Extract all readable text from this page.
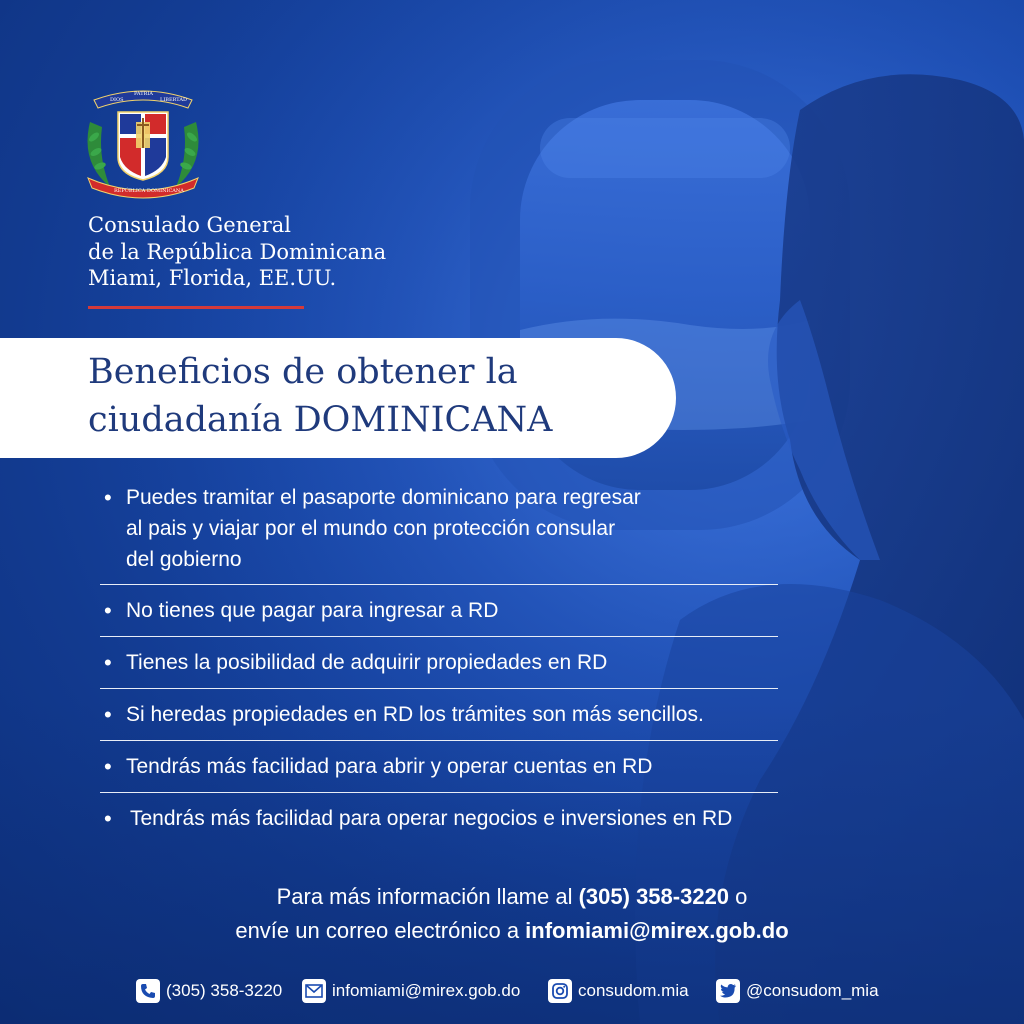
DIOS
PATRIA
LIBERTAD
REPÚBLICA DOMINICANA
Consulado General
de la República Dominicana
Miami, Florida, EE.UU.
Beneficios de obtener la
ciudadanía DOMINICANA
• Puedes tramitar el pasaporte dominicano para regresar
al pais y viajar por el mundo con protección consular
del gobierno
• No tienes que pagar para ingresar a RD
• Tienes la posibilidad de adquirir propiedades en RD
• Si heredas propiedades en RD los trámites son más sencillos.
• Tendrás más facilidad para abrir y operar cuentas en RD
• Tendrás más facilidad para operar negocios e inversiones en RD
Para más información llame al (305) 358-3220 o
envíe un correo electrónico a infomiami@mirex.gob.do
(305) 358-3220	infomiami@mirex.gob.do	consudom.mia	@consudom_mia
